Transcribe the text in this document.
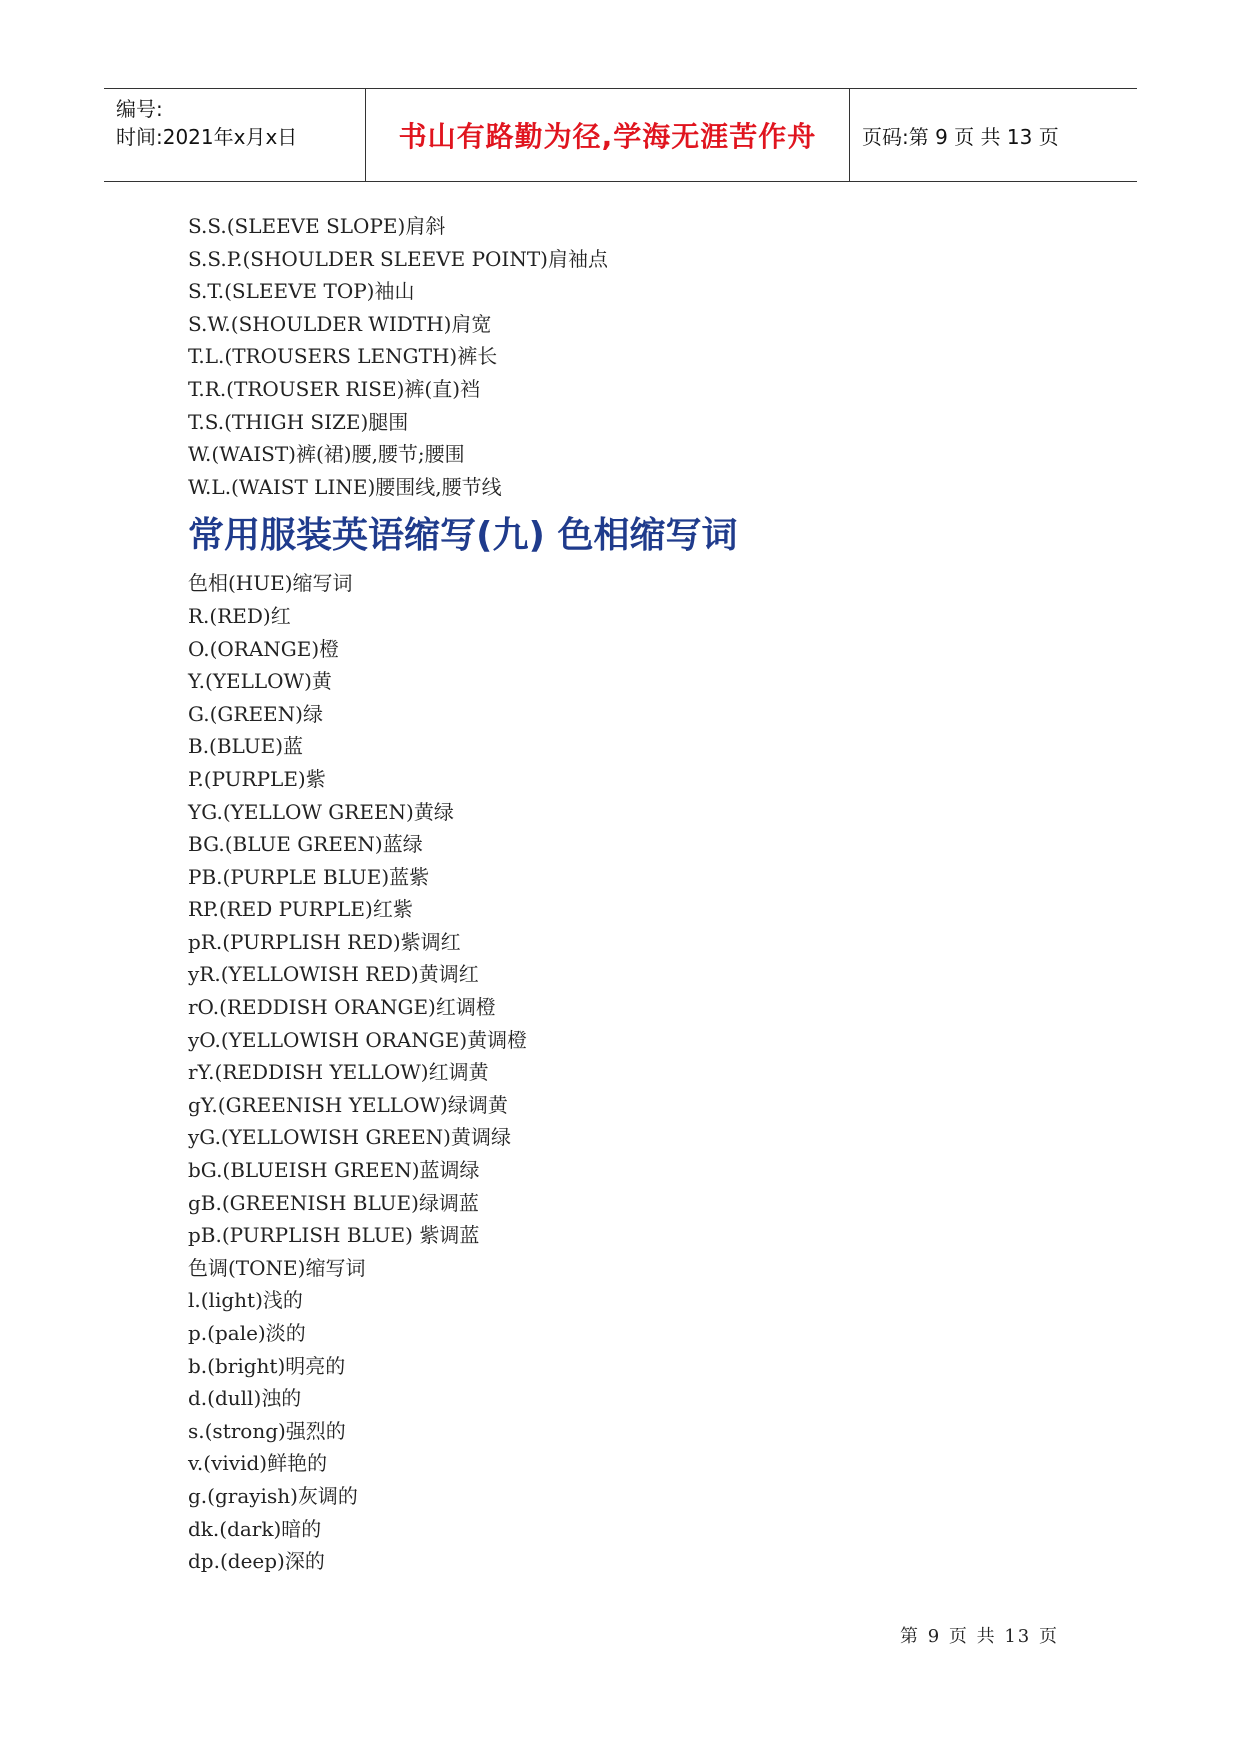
编号:
时间:2021年x月x日	书山有路勤为径,学海无涯苦作舟	页码:第 9 页 共 13 页
S.S.(SLEEVE SLOPE)肩斜
S.S.P.(SHOULDER SLEEVE POINT)肩袖点
S.T.(SLEEVE TOP)袖山
S.W.(SHOULDER WIDTH)肩宽
T.L.(TROUSERS LENGTH)裤长
T.R.(TROUSER RISE)裤(直)裆
T.S.(THIGH SIZE)腿围
W.(WAIST)裤(裙)腰,腰节;腰围
W.L.(WAIST LINE)腰围线,腰节线
常用服装英语缩写(九) 色相缩写词
色相(HUE)缩写词
R.(RED)红
O.(ORANGE)橙
Y.(YELLOW)黄
G.(GREEN)绿
B.(BLUE)蓝
P.(PURPLE)紫
YG.(YELLOW GREEN)黄绿
BG.(BLUE GREEN)蓝绿
PB.(PURPLE BLUE)蓝紫
RP.(RED PURPLE)红紫
pR.(PURPLISH RED)紫调红
yR.(YELLOWISH RED)黄调红
rO.(REDDISH ORANGE)红调橙
yO.(YELLOWISH ORANGE)黄调橙
rY.(REDDISH YELLOW)红调黄
gY.(GREENISH YELLOW)绿调黄
yG.(YELLOWISH GREEN)黄调绿
bG.(BLUEISH GREEN)蓝调绿
gB.(GREENISH BLUE)绿调蓝
pB.(PURPLISH BLUE) 紫调蓝
色调(TONE)缩写词
l.(light)浅的
p.(pale)淡的
b.(bright)明亮的
d.(dull)浊的
s.(strong)强烈的
v.(vivid)鲜艳的
g.(grayish)灰调的
dk.(dark)暗的
dp.(deep)深的
第 9 页 共 13 页
